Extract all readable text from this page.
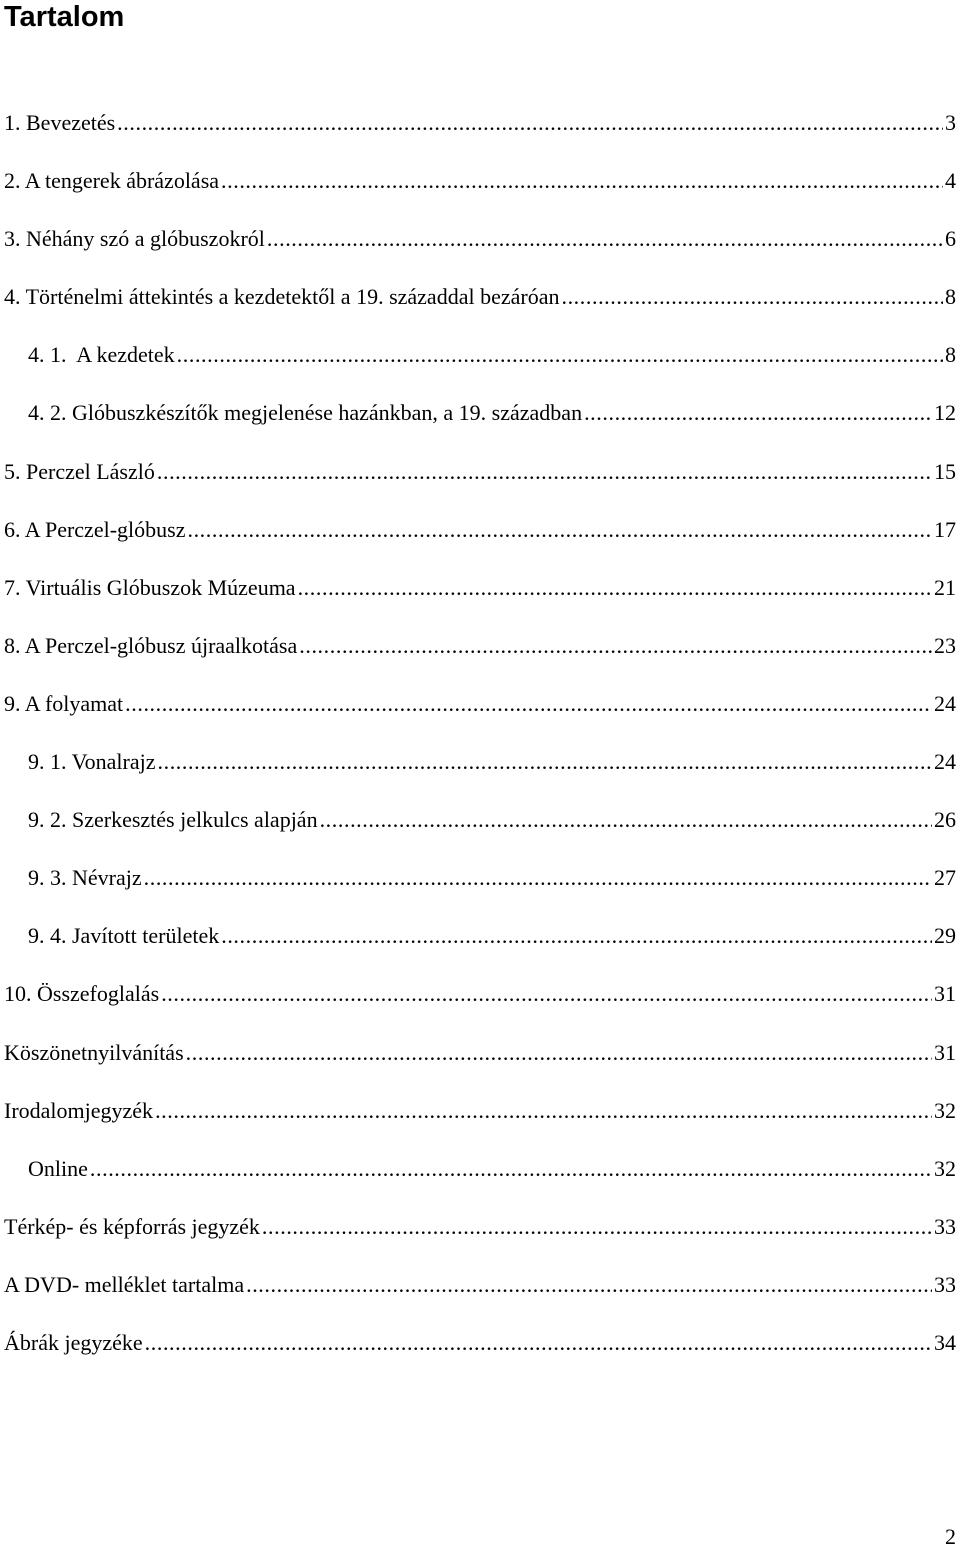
Tartalom
1. Bevezetés .....	3
2. A tengerek ábrázolása .....	4
3. Néhány szó a glóbuszokról .....	6
4. Történelmi áttekintés a kezdetektől a 19. századdal bezáróan .....	8
4. 1.  A kezdetek .....	8
4. 2. Glóbuszkészítők megjelenése hazánkban, a 19. században .....	12
5. Perczel László .....	15
6. A Perczel-glóbusz .....	17
7. Virtuális Glóbuszok Múzeuma .....	21
8. A Perczel-glóbusz újraalkotása .....	23
9. A folyamat .....	24
9. 1. Vonalrajz .....	24
9. 2. Szerkesztés jelkulcs alapján .....	26
9. 3. Névrajz .....	27
9. 4. Javított területek .....	29
10. Összefoglalás .....	31
Köszönetnyilvánítás .....	31
Irodalomjegyzék .....	32
Online .....	32
Térkép- és képforrás jegyzék .....	33
A DVD- melléklet tartalma .....	33
Ábrák jegyzéke .....	34
2
